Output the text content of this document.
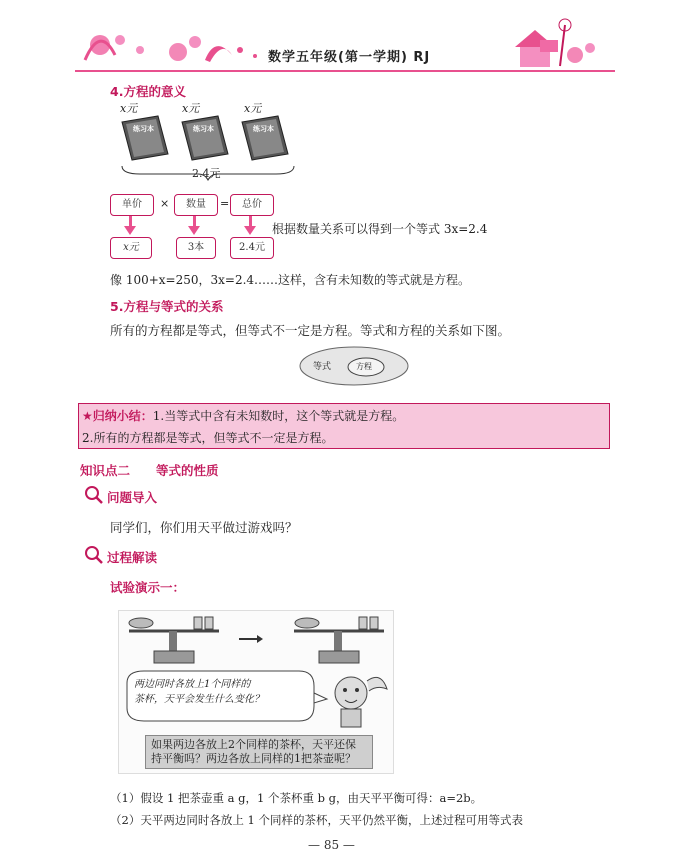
数学五年级(第一学期) RJ
4.方程的意义
x元	x元	x元
练习本	练习本	练习本
2.4元
单价	×	数量	=	总价
x元	3本	2.4元
根据数量关系可以得到一个等式 3x=2.4
像 100+x=250，3x=2.4……这样，含有未知数的等式就是方程。
5.方程与等式的关系
所有的方程都是等式，但等式不一定是方程。等式和方程的关系如下图。
等式	方程
★归纳小结：1.当等式中含有未知数时，这个等式就是方程。
2.所有的方程都是等式，但等式不一定是方程。
知识点二 等式的性质
问题导入
同学们，你们用天平做过游戏吗？
过程解读
试验演示一：
两边同时各放上1个同样的
茶杯，天平会发生什么变化？
如果两边各放上2个同样的茶杯，天平还保
持平衡吗？两边各放上同样的1把茶壶呢？
（1）假设 1 把茶壶重 a g，1 个茶杯重 b g，由天平平衡可得：a=2b。
（2）天平两边同时各放上 1 个同样的茶杯，天平仍然平衡，上述过程可用等式表
— 85 —
